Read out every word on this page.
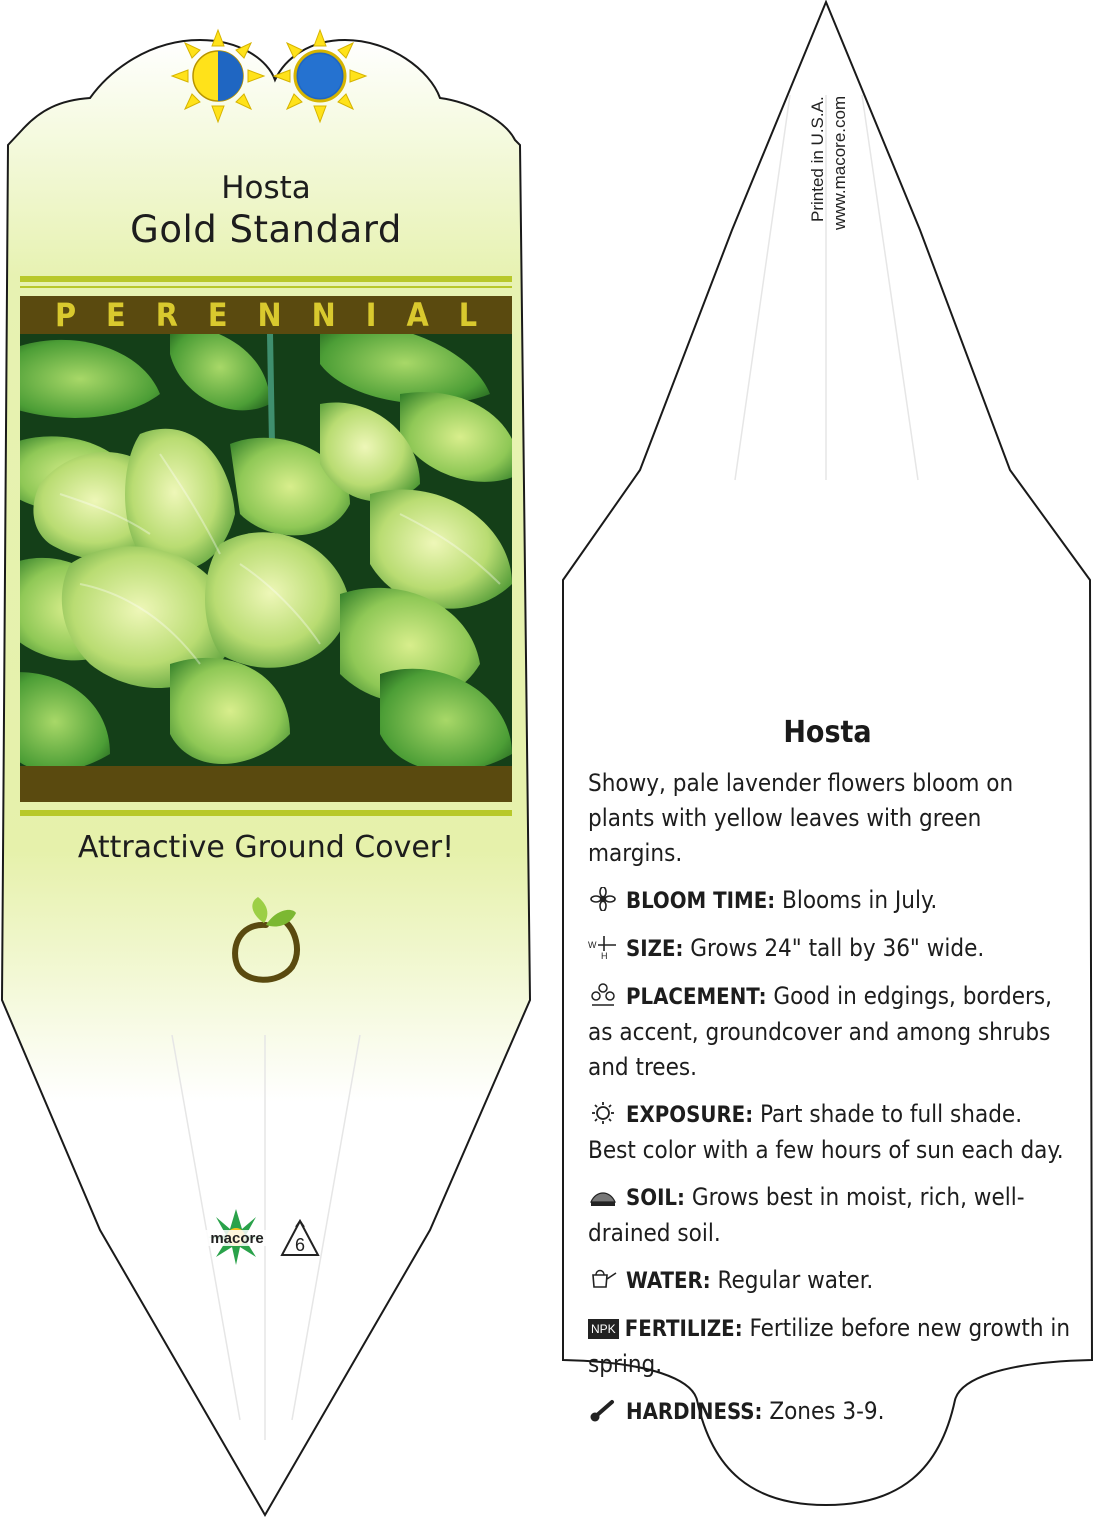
Hosta
Gold Standard
PERENNIAL
Attractive Ground Cover!
macore 6
Printed in U.S.A. www.macore.com
Hosta

Showy, pale lavender flowers bloom on plants with yellow leaves with green margins.

BLOOM TIME: Blooms in July.

W
H SIZE: Grows 24" tall by 36" wide.

PLACEMENT: Good in edgings, borders, as accent, groundcover and among shrubs and trees.

EXPOSURE: Part shade to full shade. Best color with a few hours of sun each day.

SOIL: Grows best in moist, rich, well-drained soil.

WATER: Regular water.

NPK FERTILIZE: Fertilize before new growth in spring.

HARDINESS: Zones 3-9.
